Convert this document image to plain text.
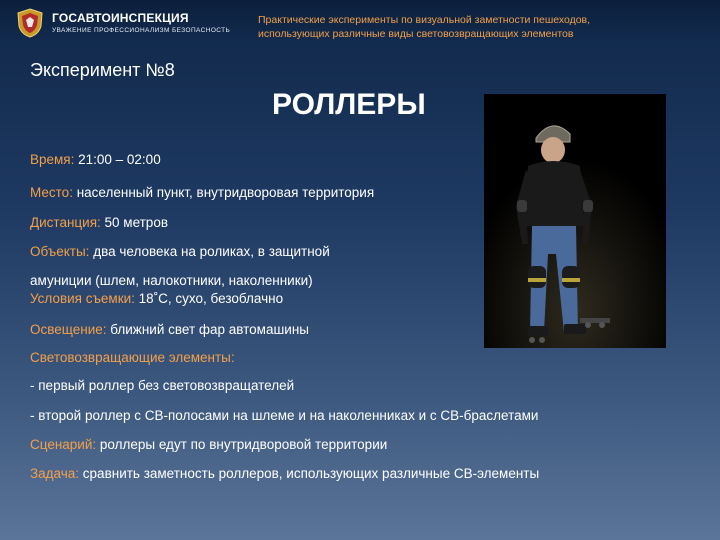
ГОСАВТОИНСПЕКЦИЯ
УВАЖЕНИЕ ПРОФЕССИОНАЛИЗМ БЕЗОПАСНОСТЬ
Практические эксперименты по визуальной заметности пешеходов,
использующих различные виды световозвращающих элементов
Эксперимент №8
РОЛЛЕРЫ
Время: 21:00 – 02:00
Место: населенный пункт, внутридворовая территория
Дистанция: 50 метров
Объекты: два человека на роликах, в защитной
амуниции (шлем, налокотники, наколенники)
Условия съемки: 18˚С, сухо, безоблачно
Освещение: ближний свет фар автомашины
Световозвращающие элементы:
- первый роллер без световозвращателей
- второй роллер с СВ-полосами на шлеме и на наколенниках и с СВ-браслетами
Сценарий: роллеры едут по внутридворовой территории
Задача: сравнить заметность роллеров, использующих различные СВ-элементы
